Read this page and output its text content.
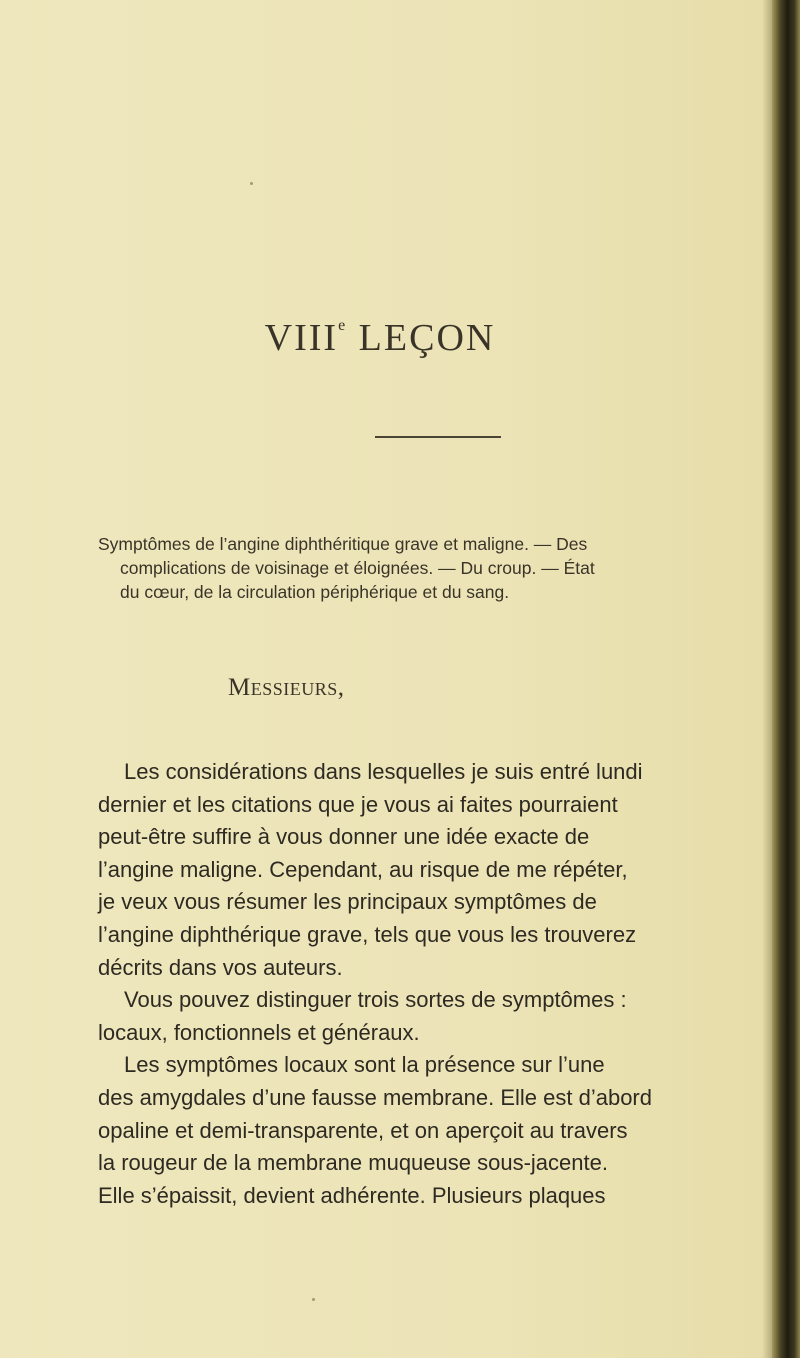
VIIIe LEÇON
Symptômes de l’angine diphthéritique grave et maligne. — Des
complications de voisinage et éloignées. — Du croup. — État
du cœur, de la circulation périphérique et du sang.
Messieurs,
Les considérations dans lesquelles je suis entré lundi
dernier et les citations que je vous ai faites pourraient
peut-être suffire à vous donner une idée exacte de
l’angine maligne. Cependant, au risque de me répéter,
je veux vous résumer les principaux symptômes de
l’angine diphthérique grave, tels que vous les trouverez
décrits dans vos auteurs.
Vous pouvez distinguer trois sortes de symptômes :
locaux, fonctionnels et généraux.
Les symptômes locaux sont la présence sur l’une
des amygdales d’une fausse membrane. Elle est d’abord
opaline et demi-transparente, et on aperçoit au travers
la rougeur de la membrane muqueuse sous-jacente.
Elle s’épaissit, devient adhérente. Plusieurs plaques
